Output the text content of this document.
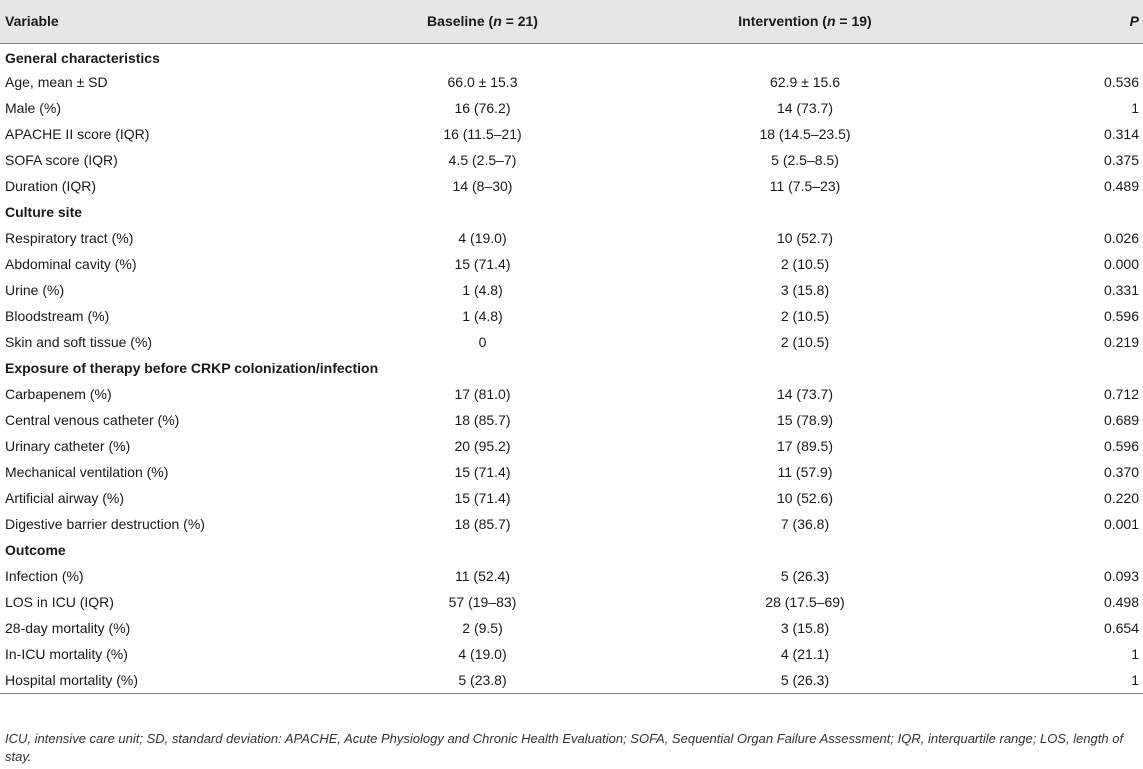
Variable	Baseline (n = 21)	Intervention (n = 19)	P
General characteristics			
Age, mean ± SD	66.0 ± 15.3	62.9 ± 15.6	0.536
Male (%)	16 (76.2)	14 (73.7)	1
APACHE II score (IQR)	16 (11.5–21)	18 (14.5–23.5)	0.314
SOFA score (IQR)	4.5 (2.5–7)	5 (2.5–8.5)	0.375
Duration (IQR)	14 (8–30)	11 (7.5–23)	0.489
Culture site			
Respiratory tract (%)	4 (19.0)	10 (52.7)	0.026
Abdominal cavity (%)	15 (71.4)	2 (10.5)	0.000
Urine (%)	1 (4.8)	3 (15.8)	0.331
Bloodstream (%)	1 (4.8)	2 (10.5)	0.596
Skin and soft tissue (%)	0	2 (10.5)	0.219
Exposure of therapy before CRKP colonization/infection			
Carbapenem (%)	17 (81.0)	14 (73.7)	0.712
Central venous catheter (%)	18 (85.7)	15 (78.9)	0.689
Urinary catheter (%)	20 (95.2)	17 (89.5)	0.596
Mechanical ventilation (%)	15 (71.4)	11 (57.9)	0.370
Artificial airway (%)	15 (71.4)	10 (52.6)	0.220
Digestive barrier destruction (%)	18 (85.7)	7 (36.8)	0.001
Outcome			
Infection (%)	11 (52.4)	5 (26.3)	0.093
LOS in ICU (IQR)	57 (19–83)	28 (17.5–69)	0.498
28-day mortality (%)	2 (9.5)	3 (15.8)	0.654
In-ICU mortality (%)	4 (19.0)	4 (21.1)	1
Hospital mortality (%)	5 (23.8)	5 (26.3)	1
ICU, intensive care unit; SD, standard deviation: APACHE, Acute Physiology and Chronic Health Evaluation; SOFA, Sequential Organ Failure Assessment; IQR, interquartile range; LOS, length of stay.
